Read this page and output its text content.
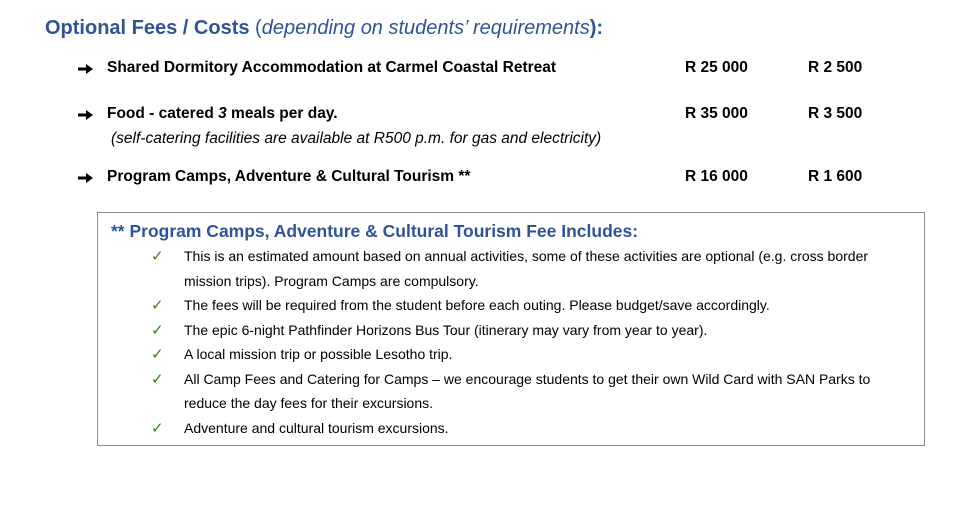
Optional Fees / Costs (depending on students’ requirements):
Shared Dormitory Accommodation at Carmel Coastal Retreat	R 25 000	R 2 500
Food - catered 3 meals per day.	R 35 000	R 3 500
(self-catering facilities are available at R500 p.m. for gas and electricity)
Program Camps, Adventure & Cultural Tourism **	R 16 000	R 1 600
** Program Camps, Adventure & Cultural Tourism Fee Includes:
✓ This is an estimated amount based on annual activities, some of these activities are optional (e.g. cross border mission trips). Program Camps are compulsory.
✓ The fees will be required from the student before each outing. Please budget/save accordingly.
✓ The epic 6-night Pathfinder Horizons Bus Tour (itinerary may vary from year to year).
✓ A local mission trip or possible Lesotho trip.
✓ All Camp Fees and Catering for Camps – we encourage students to get their own Wild Card with SAN Parks to reduce the day fees for their excursions.
✓ Adventure and cultural tourism excursions.
